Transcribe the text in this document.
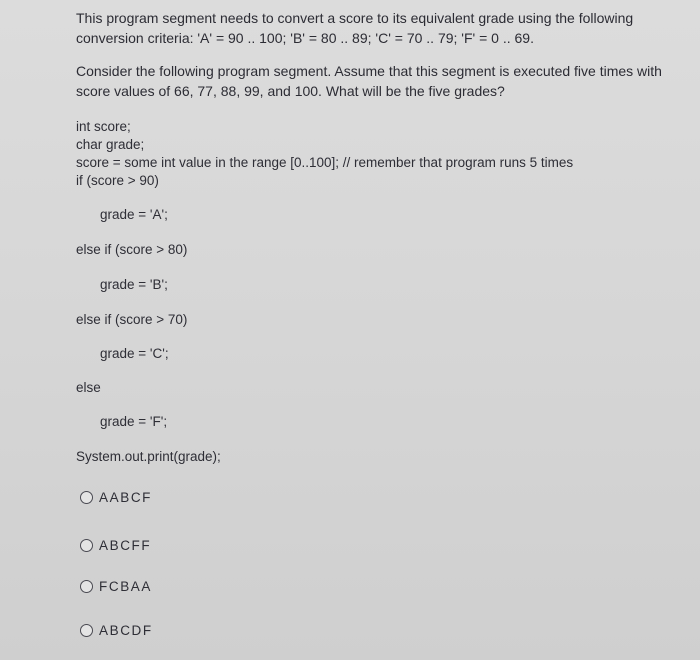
This program segment needs to convert a score to its equivalent grade using the following conversion criteria: 'A' = 90 .. 100; 'B' = 80 .. 89; 'C' = 70 .. 79; 'F' = 0 .. 69.
Consider the following program segment. Assume that this segment is executed five times with score values of 66, 77, 88, 99, and 100. What will be the five grades?
int score;
char grade;
score = some int value in the range [0..100]; // remember that program runs 5 times
if (score > 90)
grade = 'A';
else if (score > 80)
grade = 'B';
else if (score > 70)
grade = 'C';
else
grade = 'F';
System.out.print(grade);
AABCF
ABCFF
FCBAA
ABCDF
